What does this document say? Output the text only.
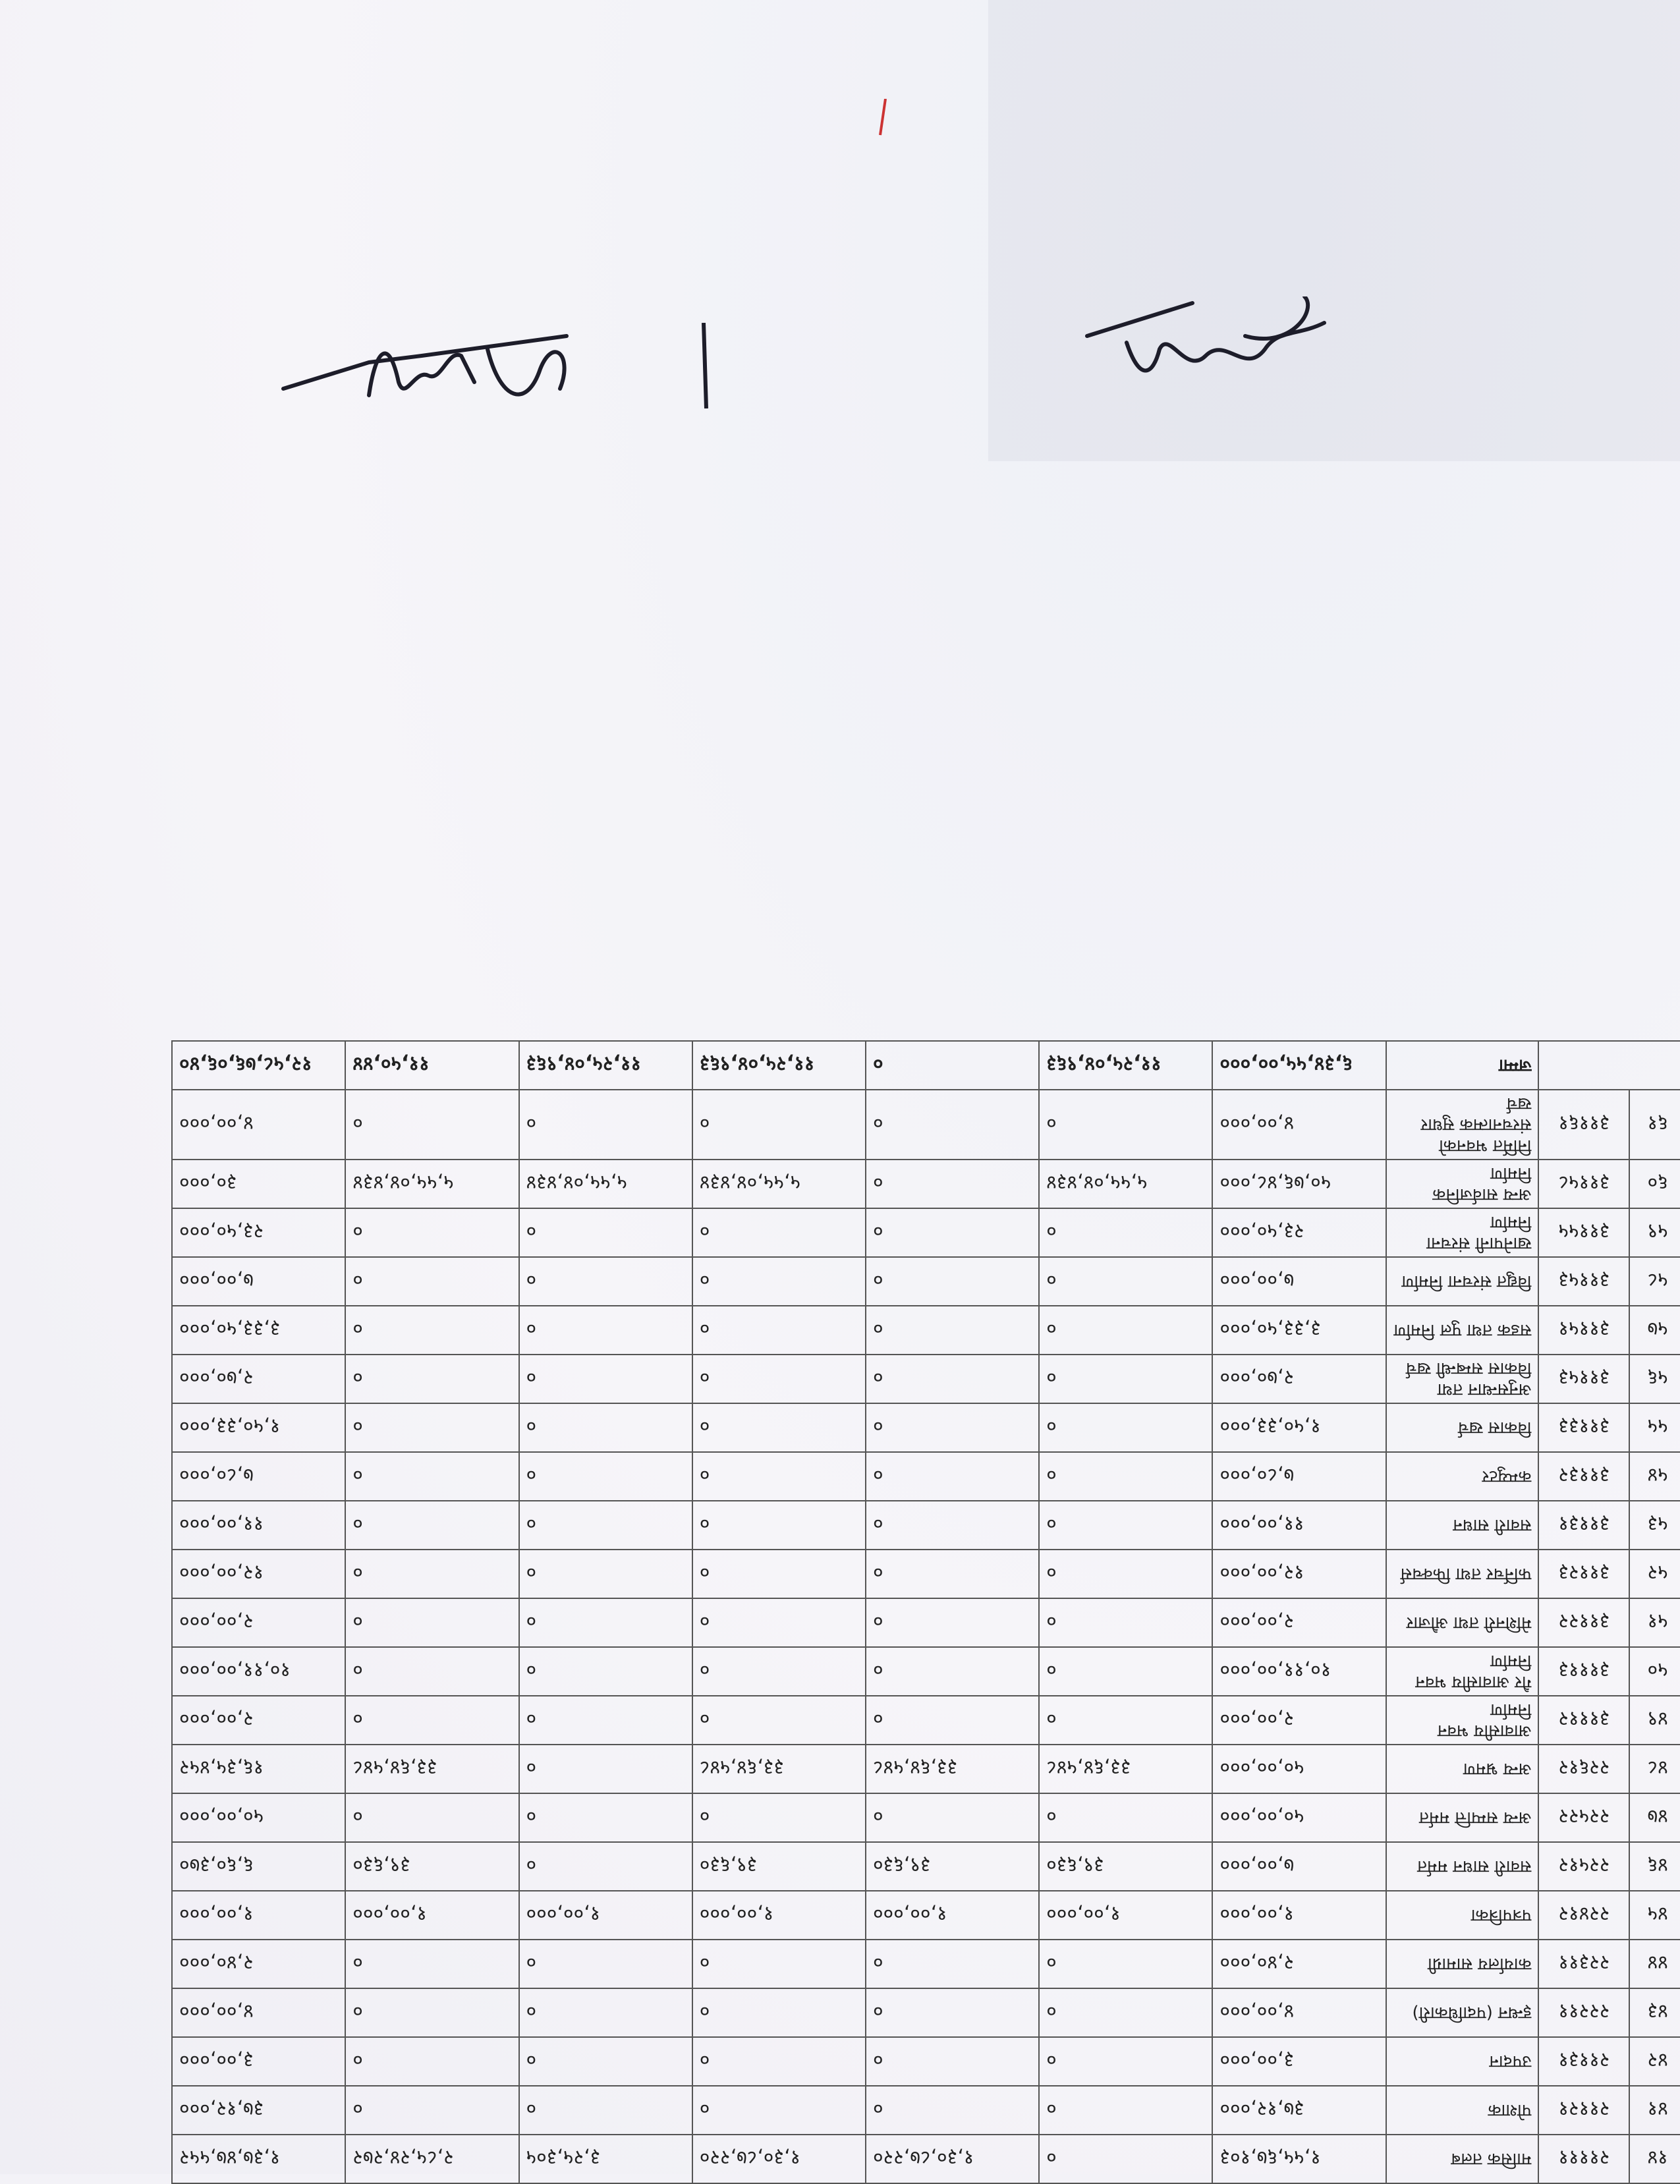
१४	२११११	मासिक तलब	१,५५,६७,१०३	०	१,३०,८७,२२०	१,३०,८७,२२०	३,२५,३०५	२,८५,२४,२७२	१,३७,४७,५५२
४१	२११२१	पोशाक	३७,१२,०००	०	०	०	०	०	३७,१२,०००
४२	२११३१	उपदान	३,००,०००	०	०	०	०	०	३,००,०००
४३	२२२११	इन्धन (पदाधिकारी)	४,००,०००	०	०	०	०	०	४,००,०००
४४	२२३११	कार्यालय सामाग्री	२,४०,०००	०	०	०	०	०	२,४०,०००
४५	२२४१२	पत्रपत्रिका	१,००,०००	१,००,०००	१,००,०००	१,००,०००	१,००,०००	१,००,०००	१,००,०००
४६	२२५१२	सवारी साधन मर्मत	७,००,०००	३९,६३०	३९,६३०	३९,६३०	०	३९,६३०	६,६०,३७०
४७	२२५२२	अन्य सम्पत्ति मर्मत	५०,००,०००	०	०	०	०	०	५०,००,०००
४८	२२६१२	अन्य भ्रमण	५०,००,०००	३३,६४,५४८	३३,६४,५४८	३३,६४,५४८	०	३३,६४,५४८	१६,३५,४५२
४९	३१११२	आवासीय भवन निर्माण	२,००,०००	०	०	०	०	०	२,००,०००
५०	३१११३	गैर आवासीय भवन निर्माण	१०,११,००,०००	०	०	०	०	०	१०,११,००,०००
५१	३११२२	मेशिनरी तथा औजार	२,००,०००	०	०	०	०	०	२,००,०००
५२	३११२३	फर्निचर तथा फिक्चर्स	१२,००,०००	०	०	०	०	०	१२,००,०००
५३	३११३१	सवारी साधन	११,००,०००	०	०	०	०	०	११,००,०००
५४	३११३२	कम्प्युटर	७,८०,०००	०	०	०	०	०	७,८०,०००
५५	३११३३	विकास खर्च	१,५०,३३,०००	०	०	०	०	०	१,५०,३३,०००
५६	३११५३	अनुसन्धान तथा विकास सम्बन्धी खर्च	२,७०,०००	०	०	०	०	०	२,७०,०००
५७	३११५१	सडक तथा पुल निर्माण	३,३३,५०,०००	०	०	०	०	०	३,३३,५०,०००
५८	३११५३	विद्युत संरचना निर्माण	७,००,०००	०	०	०	०	०	७,००,०००
५९	३११५५	खानेपानी संरचना निर्माण	२३,५०,०००	०	०	०	०	०	२३,५०,०००
६०	३११५८	अन्य सार्वजनिक निर्माण	५०,७६,४८,०००	५,५५,०४,४३४	०	५,५५,०४,४३४	५,५५,०४,४३४	५,५५,०४,४३४	३०,०००
६१	३११६१	निर्मित भवनको संरचनात्मक सुधार खर्च	४,००,०००	०	०	०	०	०	४,००,०००
		जम्मा	६,३४,५५,००,०००	११,२५,०४,९६३	०	११,२५,०४,९६३	११,२५,०४,९६३	११,५०,४४	१२,५८,७६,०६,४०
